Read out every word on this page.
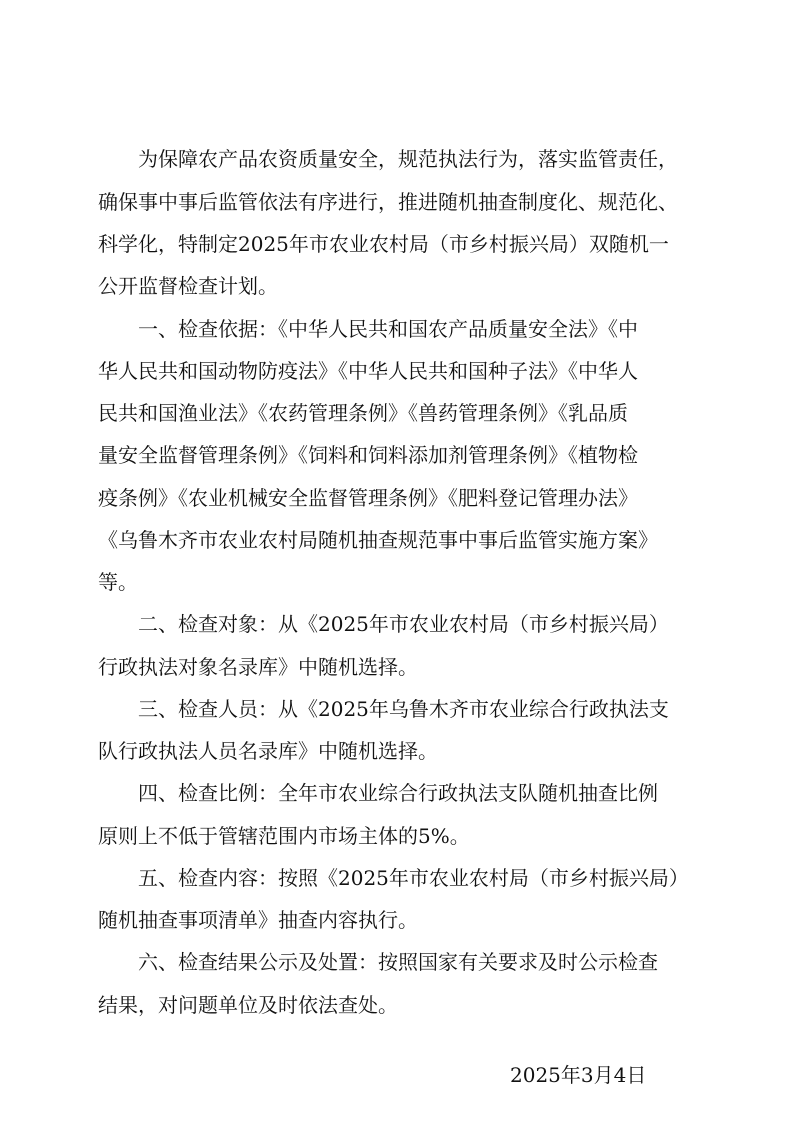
为保障农产品农资质量安全，规范执法行为，落实监管责任，
确保事中事后监管依法有序进行，推进随机抽查制度化、规范化、
科学化，特制定2025年市农业农村局（市乡村振兴局）双随机一
公开监督检查计划。
一、检查依据：《中华人民共和国农产品质量安全法》《中
华人民共和国动物防疫法》《中华人民共和国种子法》《中华人
民共和国渔业法》《农药管理条例》《兽药管理条例》《乳品质
量安全监督管理条例》《饲料和饲料添加剂管理条例》《植物检
疫条例》《农业机械安全监督管理条例》《肥料登记管理办法》
《乌鲁木齐市农业农村局随机抽查规范事中事后监管实施方案》
等。
二、检查对象：从《2025年市农业农村局（市乡村振兴局）
行政执法对象名录库》中随机选择。
三、检查人员：从《2025年乌鲁木齐市农业综合行政执法支
队行政执法人员名录库》中随机选择。
四、检查比例：全年市农业综合行政执法支队随机抽查比例
原则上不低于管辖范围内市场主体的5%。
五、检查内容：按照《2025年市农业农村局（市乡村振兴局）
随机抽查事项清单》抽查内容执行。
六、检查结果公示及处置：按照国家有关要求及时公示检查
结果，对问题单位及时依法查处。
2025年3月4日
